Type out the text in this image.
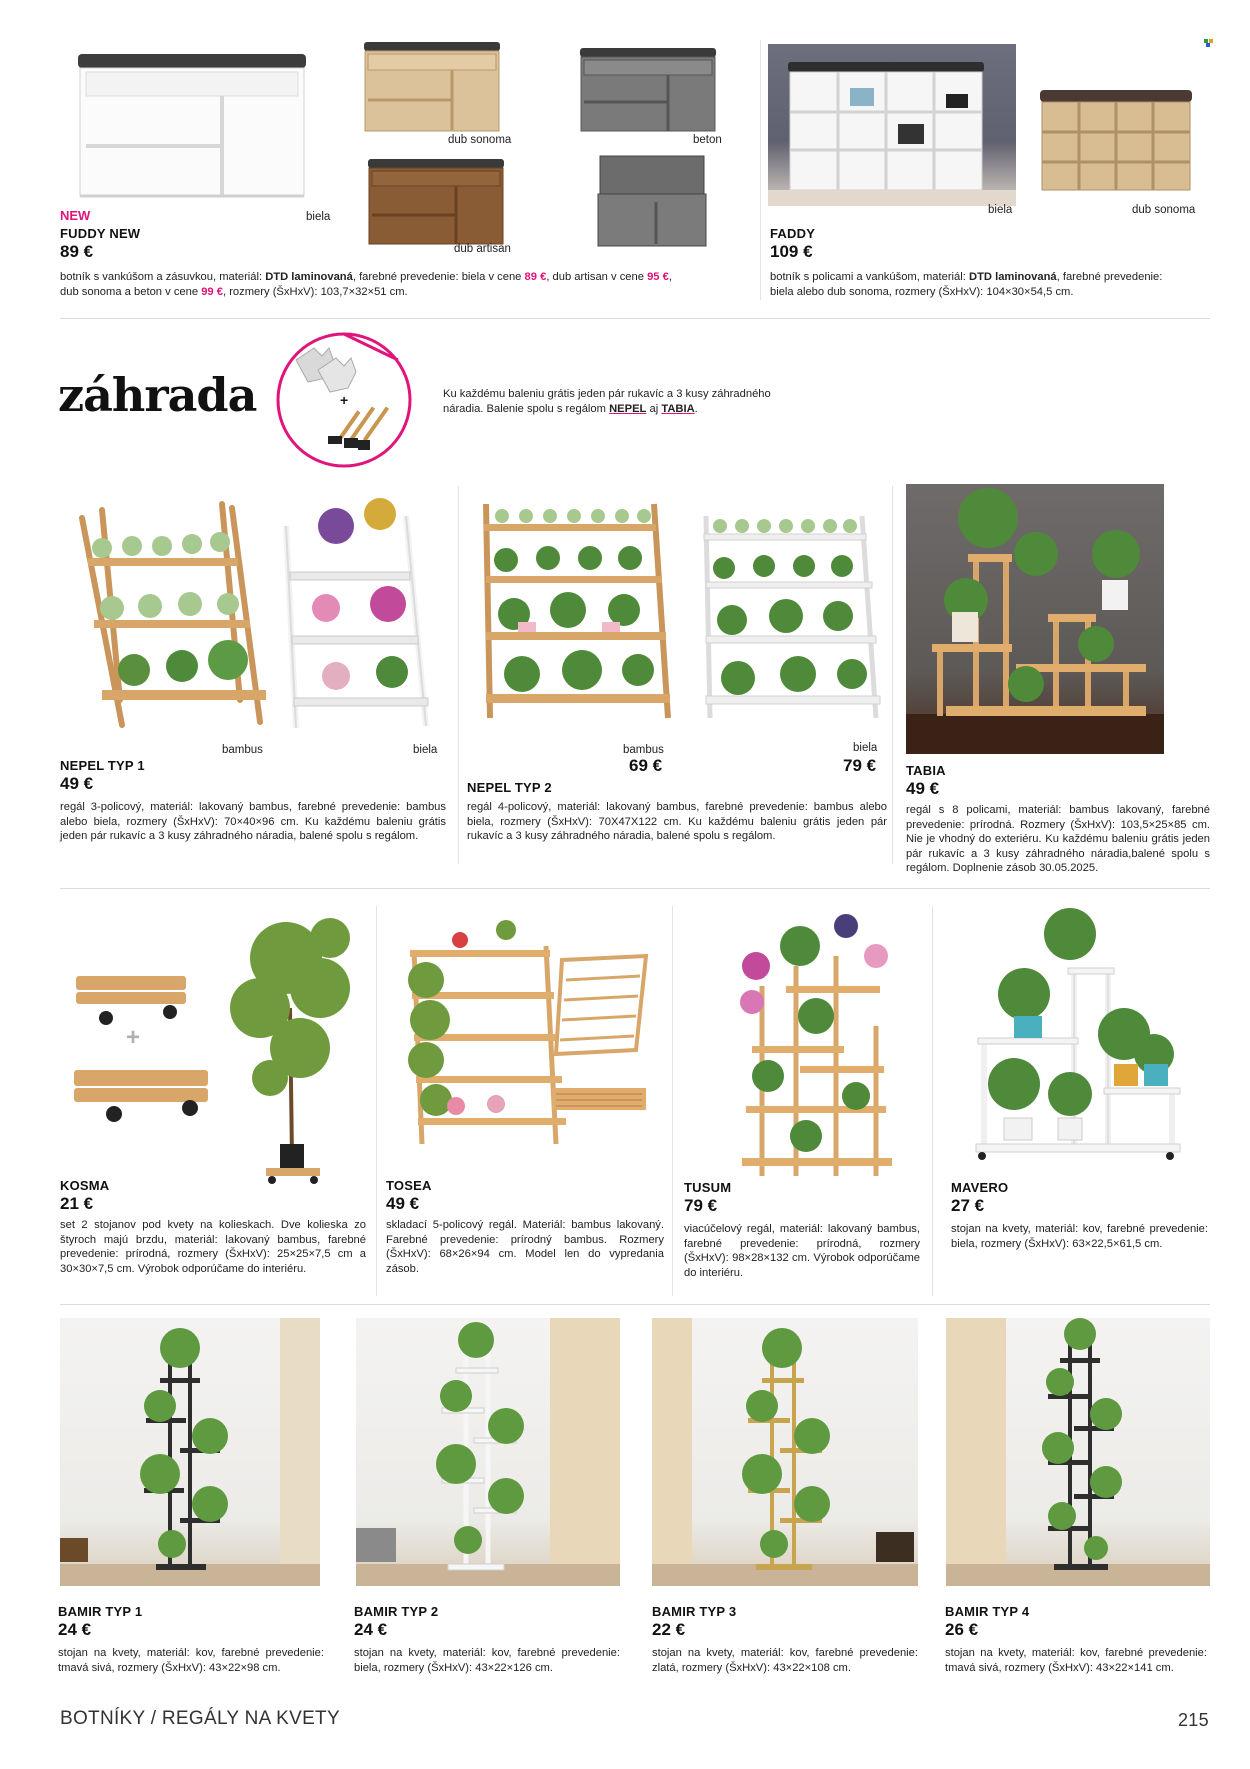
dub sonoma	beton
biela
dub artisan
NEW
FUDDY NEW
89 €
botník s vankúšom a zásuvkou, materiál: DTD laminovaná, farebné prevedenie: biela v cene 89 €, dub artisan v cene 95 €,
dub sonoma a beton v cene 99 €, rozmery (ŠxHxV): 103,7×32×51 cm.
biela	dub sonoma
FADDY
109 €
botník s policami a vankúšom, materiál: DTD laminovaná, farebné prevedenie:
biela alebo dub sonoma, rozmery (ŠxHxV): 104×30×54,5 cm.
záhrada	+	Ku každému baleniu grátis jeden pár rukavíc a 3 kusy záhradného
náradia. Balenie spolu s regálom NEPEL aj TABIA.
bambus	biela
NEPEL TYP 1
49 €
regál 3-policový, materiál: lakovaný bambus, farebné prevedenie: bambus alebo biela, rozmery (ŠxHxV): 70×40×96 cm. Ku každému baleniu grátis jeden pár rukavíc a 3 kusy záhradného náradia, balené spolu s regálom.
bambus	biela
69 €	79 €
NEPEL TYP 2
regál 4-policový, materiál: lakovaný bambus, farebné prevedenie: bambus alebo biela, rozmery (ŠxHxV): 70X47X122 cm. Ku každému baleniu grátis jeden pár rukavíc a 3 kusy záhradného náradia, balené spolu s regálom.
TABIA
49 €
regál s 8 policami, materiál: bambus lakovaný, farebné prevedenie: prírodná. Rozmery (ŠxHxV): 103,5×25×85 cm. Nie je vhodný do exteriéru. Ku každému baleniu grátis jeden pár rukavíc a 3 kusy záhradného náradia,balené spolu s regálom. Doplnenie zásob 30.05.2025.
+
KOSMA
21 €
set 2 stojanov pod kvety na kolieskach. Dve kolieska zo štyroch majú brzdu, materiál: lakovaný bambus, farebné prevedenie: prírodná, rozmery (ŠxHxV): 25×25×7,5 cm a 30×30×7,5 cm. Výrobok odporúčame do interiéru.
TOSEA
49 €
skladací 5-policový regál. Materiál: bambus lakovaný. Farebné prevedenie: prírodný bambus. Rozmery (ŠxHxV): 68×26×94 cm. Model len do vypredania zásob.
TUSUM
79 €
viacúčelový regál, materiál: lakovaný bambus, farebné prevedenie: prírodná, rozmery (ŠxHxV): 98×28×132 cm. Výrobok odporúčame do interiéru.
MAVERO
27 €
stojan na kvety, materiál: kov, farebné prevedenie: biela, rozmery (ŠxHxV): 63×22,5×61,5 cm.
BAMIR TYP 1
24 €
stojan na kvety, materiál: kov, farebné prevedenie: tmavá sivá, rozmery (ŠxHxV): 43×22×98 cm.
BAMIR TYP 2
24 €
stojan na kvety, materiál: kov, farebné prevedenie: biela, rozmery (ŠxHxV): 43×22×126 cm.
BAMIR TYP 3
22 €
stojan na kvety, materiál: kov, farebné prevedenie: zlatá, rozmery (ŠxHxV): 43×22×108 cm.
BAMIR TYP 4
26 €
stojan na kvety, materiál: kov, farebné prevedenie: tmavá sivá, rozmery (ŠxHxV): 43×22×141 cm.
BOTNÍKY / REGÁLY NA KVETY	215
